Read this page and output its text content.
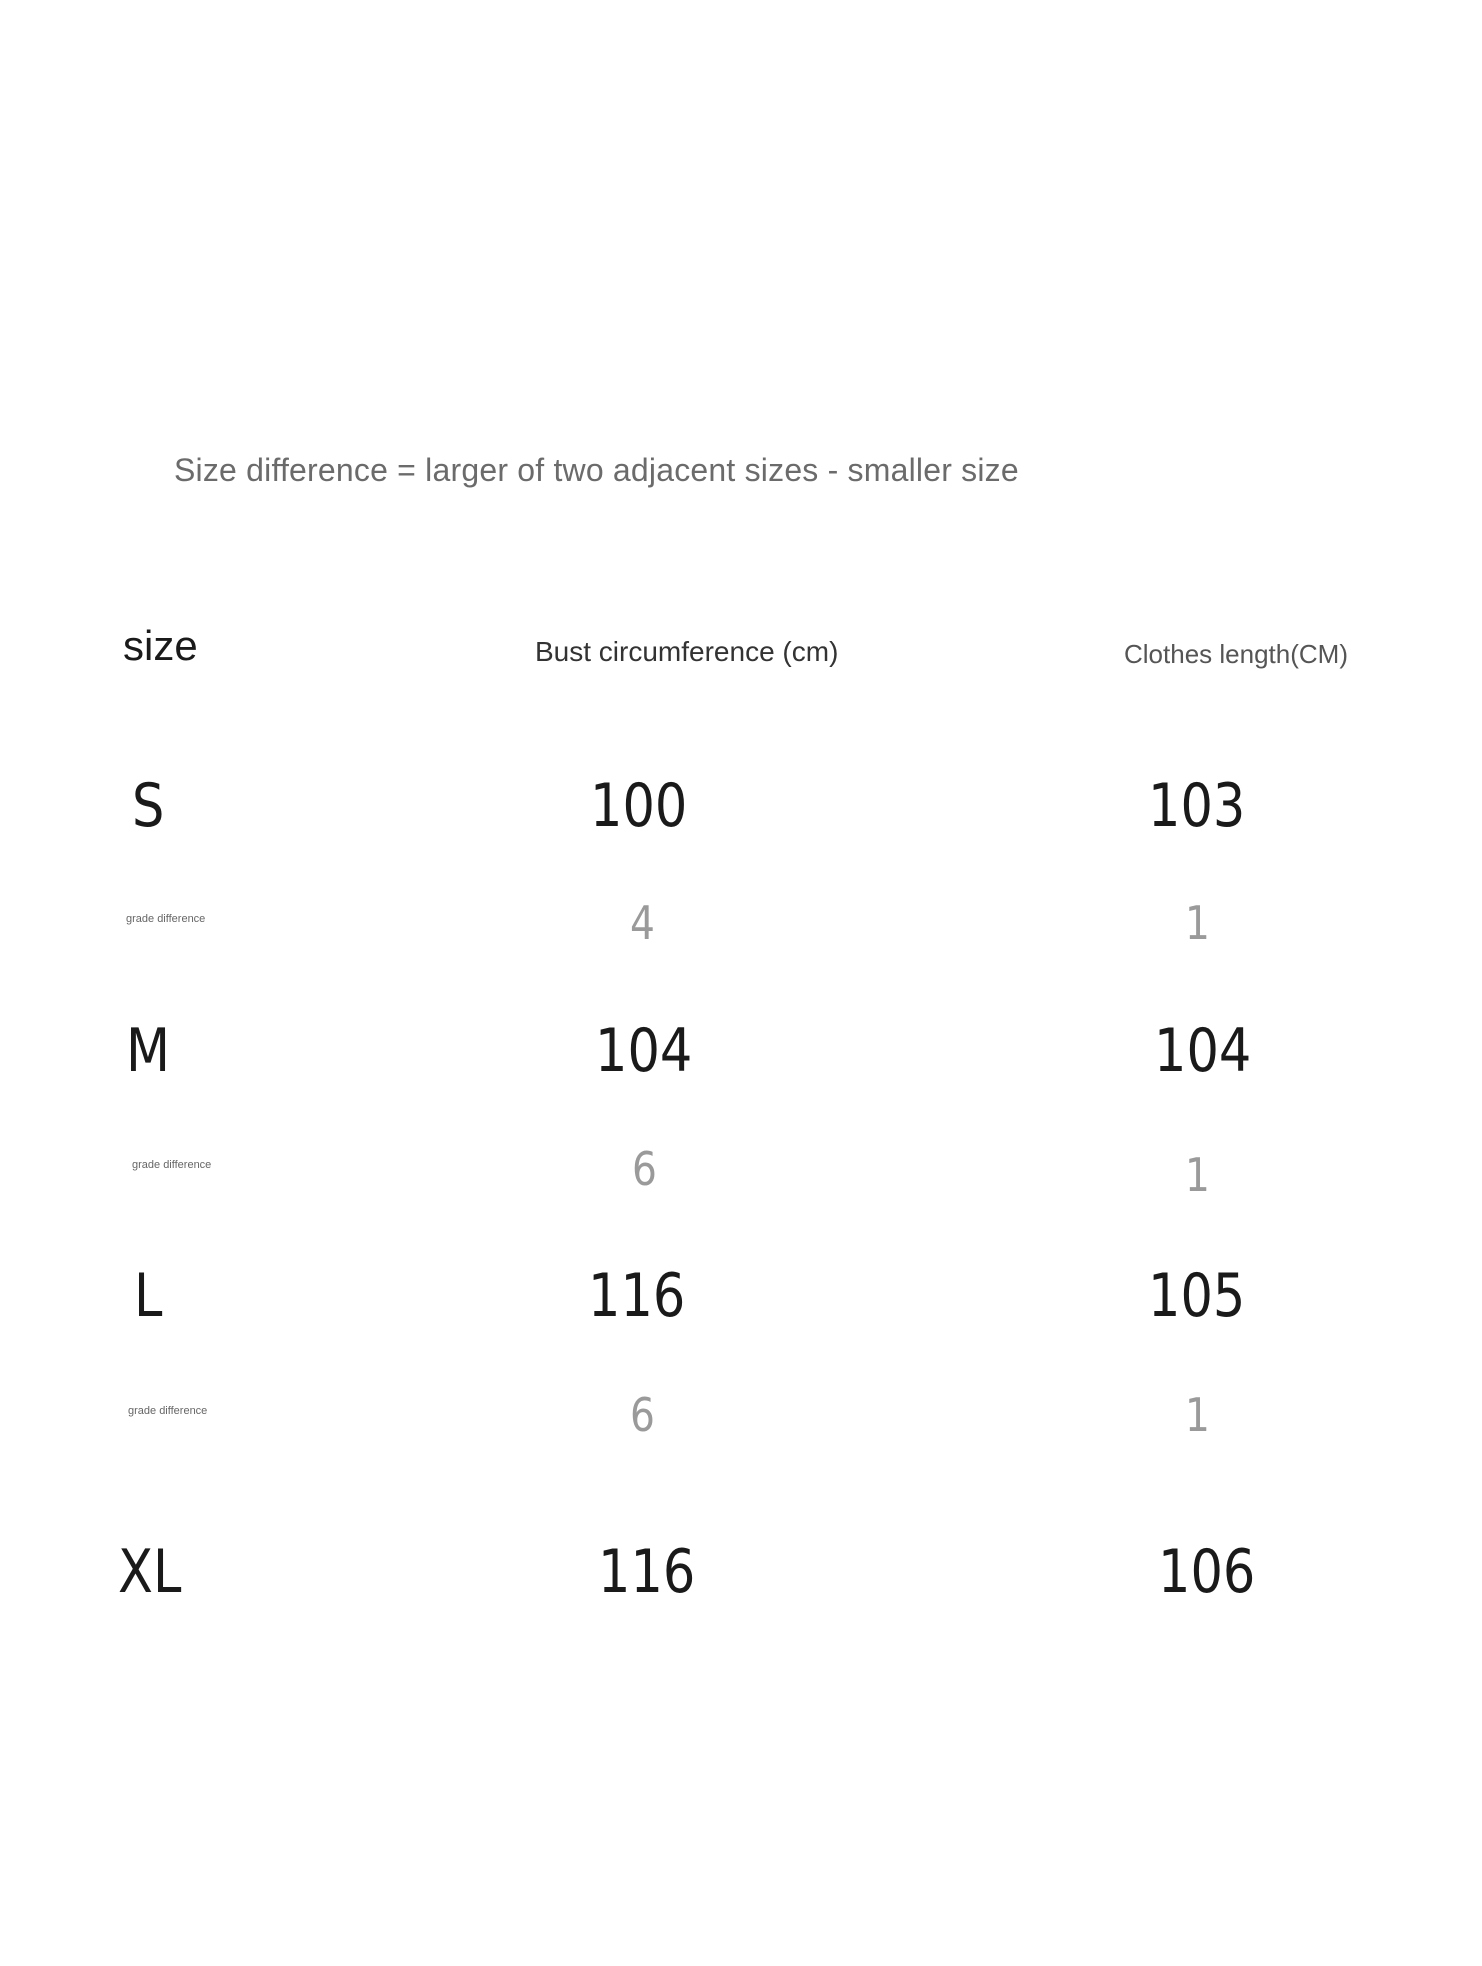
Size difference = larger of two adjacent sizes - smaller size
size	Bust circumference (cm)	Clothes length(CM)
S	100	103
grade difference	4	1
M	104	104
grade difference	6	1
L	116	105
grade difference	6	1
XL	116	106
